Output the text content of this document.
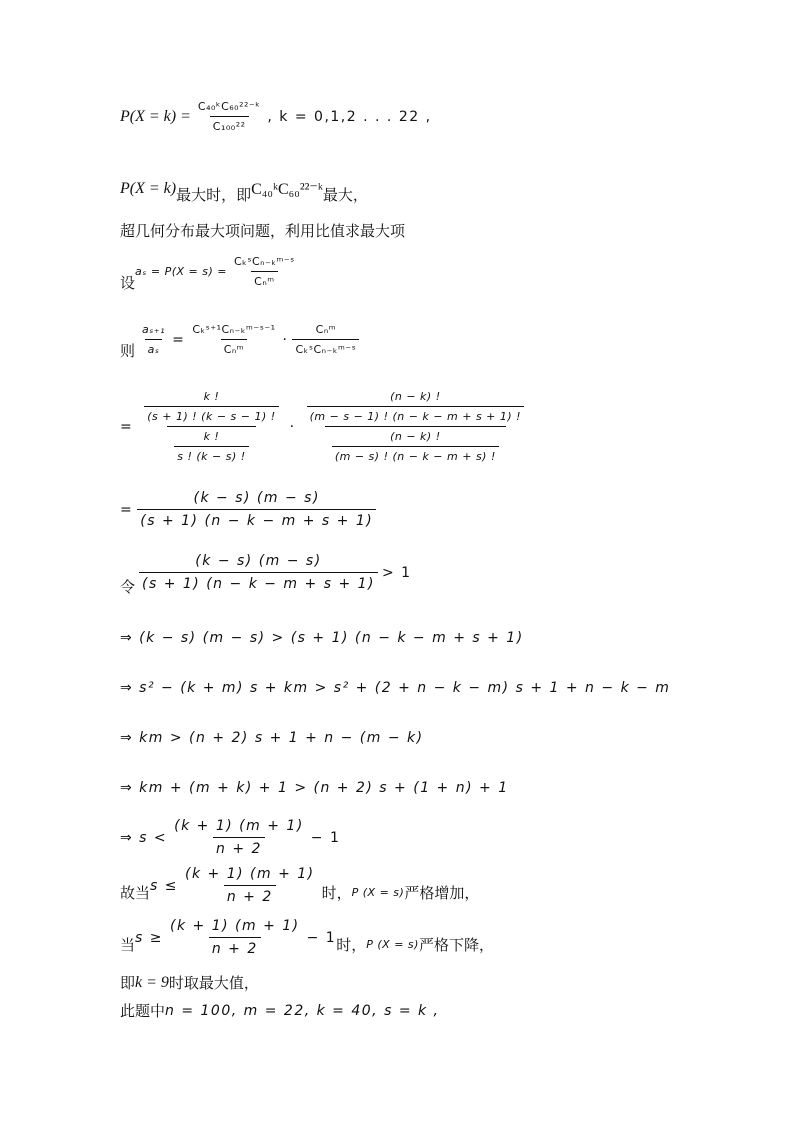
$P(X = k) = \frac{\text{C₄₀ᵏC₆₀²²⁻ᵏ}}{\text{C₁₀₀²²}}$ , k = 0,1,2 . . . 22 ,
P(X = k) 最大时，即 C₄₀ᵏC₆₀²²⁻ᵏ 最大，
超几何分布最大项问题，利用比值求最大项
设
$a_s = P(X = s) = \frac{\text{CₖˢCₙ₋ₖᵐ⁻ˢ}}{\text{Cₙᵐ}}$
则 $\frac{\text{aₛ₊₁}}{\text{aₛ}} = \frac{\text{Cₖˢ⁺¹Cₙ₋ₖᵐ⁻ˢ⁻¹}}{\text{Cₙᵐ}} \cdot \frac{\text{Cₙᵐ}}{\text{CₖˢCₙ₋ₖᵐ⁻ˢ}}$
= $\frac{\frac{k !}{(s + 1) ! (k - s - 1) !}}{\frac{k !}{s ! (k - s) !}} \cdot \frac{\frac{(n - k) !}{(m - s - 1) ! (n - k - m + s + 1) !}}{\frac{(n - k) !}{(m - s) ! (n - k - m + s) !}}$
= $\frac{(k - s) (m - s)}{(s + 1) (n - k - m + s + 1)}$
令 $\frac{(k - s) (m - s)}{(s + 1) (n - k - m + s + 1)} > 1$
⇒ (k − s) (m − s) > (s + 1) (n − k − m + s + 1)
⇒ s² − (k + m) s + km > s² + (2 + n − k − m) s + 1 + n − k − m
⇒ km > (n + 2) s + 1 + n − (m − k)
⇒ km + (m + k) + 1 > (n + 2) s + (1 + n) + 1
⇒ $s < \frac{(k + 1) (m + 1)}{n + 2} - 1$
故当 $s \le \frac{(k + 1) (m + 1)}{n + 2}$ 时， P (X = s) 严格增加，
当 $s \ge \frac{(k + 1) (m + 1)}{n + 2} - 1$ 时， P (X = s) 严格下降，
即 k = 9 时取最大值，
此题中 n = 100, m = 22, k = 40, s = k ,
